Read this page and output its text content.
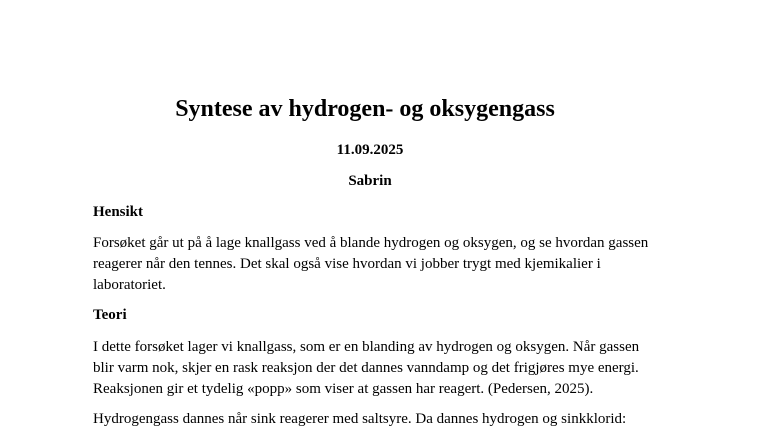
Syntese av hydrogen- og oksygengass
11.09.2025
Sabrin
Hensikt
Forsøket går ut på å lage knallgass ved å blande hydrogen og oksygen, og se hvordan gassen
reagerer når den tennes. Det skal også vise hvordan vi jobber trygt med kjemikalier i
laboratoriet.
Teori
I dette forsøket lager vi knallgass, som er en blanding av hydrogen og oksygen. Når gassen
blir varm nok, skjer en rask reaksjon der det dannes vanndamp og det frigjøres mye energi.
Reaksjonen gir et tydelig «popp» som viser at gassen har reagert. (Pedersen, 2025).
Hydrogengass dannes når sink reagerer med saltsyre. Da dannes hydrogen og sinkklorid:
